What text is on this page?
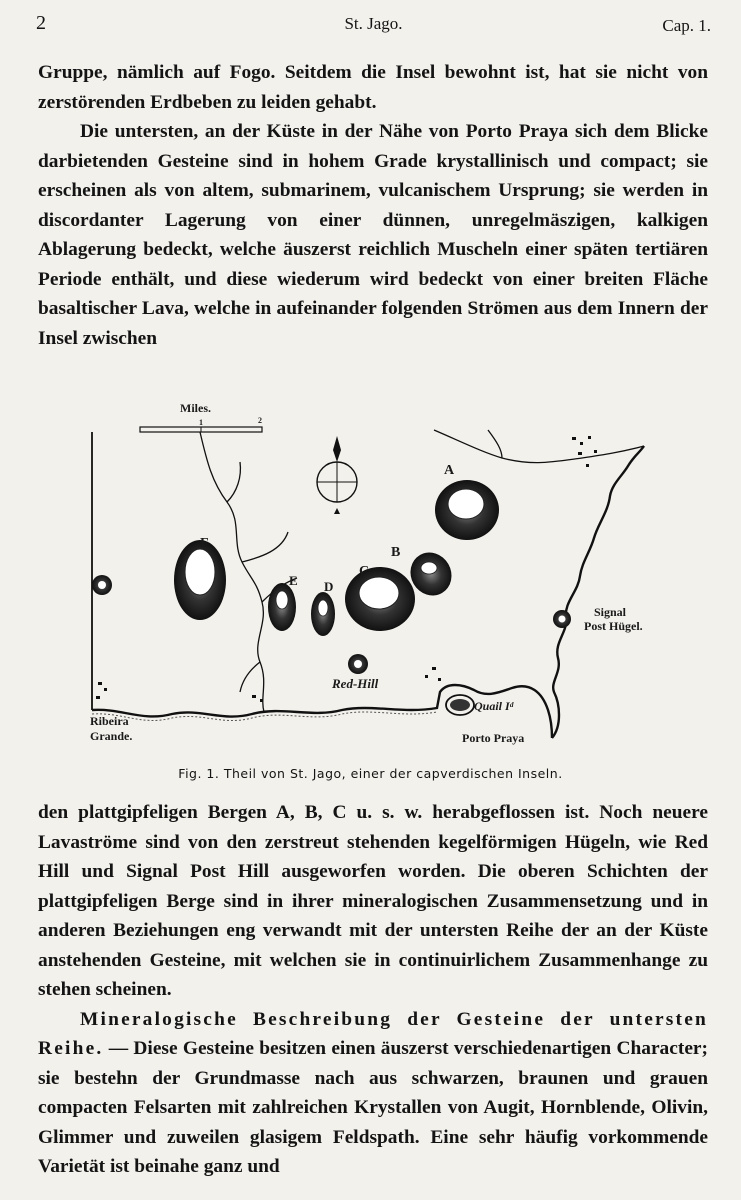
2	St. Jago.	Cap. 1.

Gruppe, nämlich auf Fogo. Seitdem die Insel bewohnt ist, hat sie nicht von zerstörenden Erdbeben zu leiden gehabt.

Die untersten, an der Küste in der Nähe von Porto Praya sich dem Blicke darbietenden Gesteine sind in hohem Grade krystallinisch und compact; sie erscheinen als von altem, submarinem, vulcanischem Ursprung; sie werden in discordanter Lagerung von einer dünnen, unregelmäszigen, kalkigen Ablagerung bedeckt, welche äuszerst reichlich Muscheln einer späten tertiären Periode enthält, und diese wiederum wird bedeckt von einer breiten Fläche basaltischer Lava, welche in aufeinander folgenden Strömen aus dem Innern der Insel zwischen

Miles.
1	2
A
B
C
D
E
F
Signal
Post Hügel.
Red-Hill
Quail Iᵈ
Ribeira
Grande.	Porto Praya
Fig. 1. Theil von St. Jago, einer der capverdischen Inseln.

den plattgipfeligen Bergen A, B, C u. s. w. herabgeflossen ist. Noch neuere Lavaströme sind von den zerstreut stehenden kegelförmigen Hügeln, wie Red Hill und Signal Post Hill ausgeworfen worden. Die oberen Schichten der plattgipfeligen Berge sind in ihrer mineralogischen Zusammensetzung und in anderen Beziehungen eng verwandt mit der untersten Reihe der an der Küste anstehenden Gesteine, mit welchen sie in continuirlichem Zusammenhange zu stehen scheinen.

Mineralogische Beschreibung der Gesteine der untersten Reihe. — Diese Gesteine besitzen einen äuszerst verschiedenartigen Character; sie bestehn der Grundmasse nach aus schwarzen, braunen und grauen compacten Felsarten mit zahlreichen Krystallen von Augit, Hornblende, Olivin, Glimmer und zuweilen glasigem Feldspath. Eine sehr häufig vorkommende Varietät ist beinahe ganz und
